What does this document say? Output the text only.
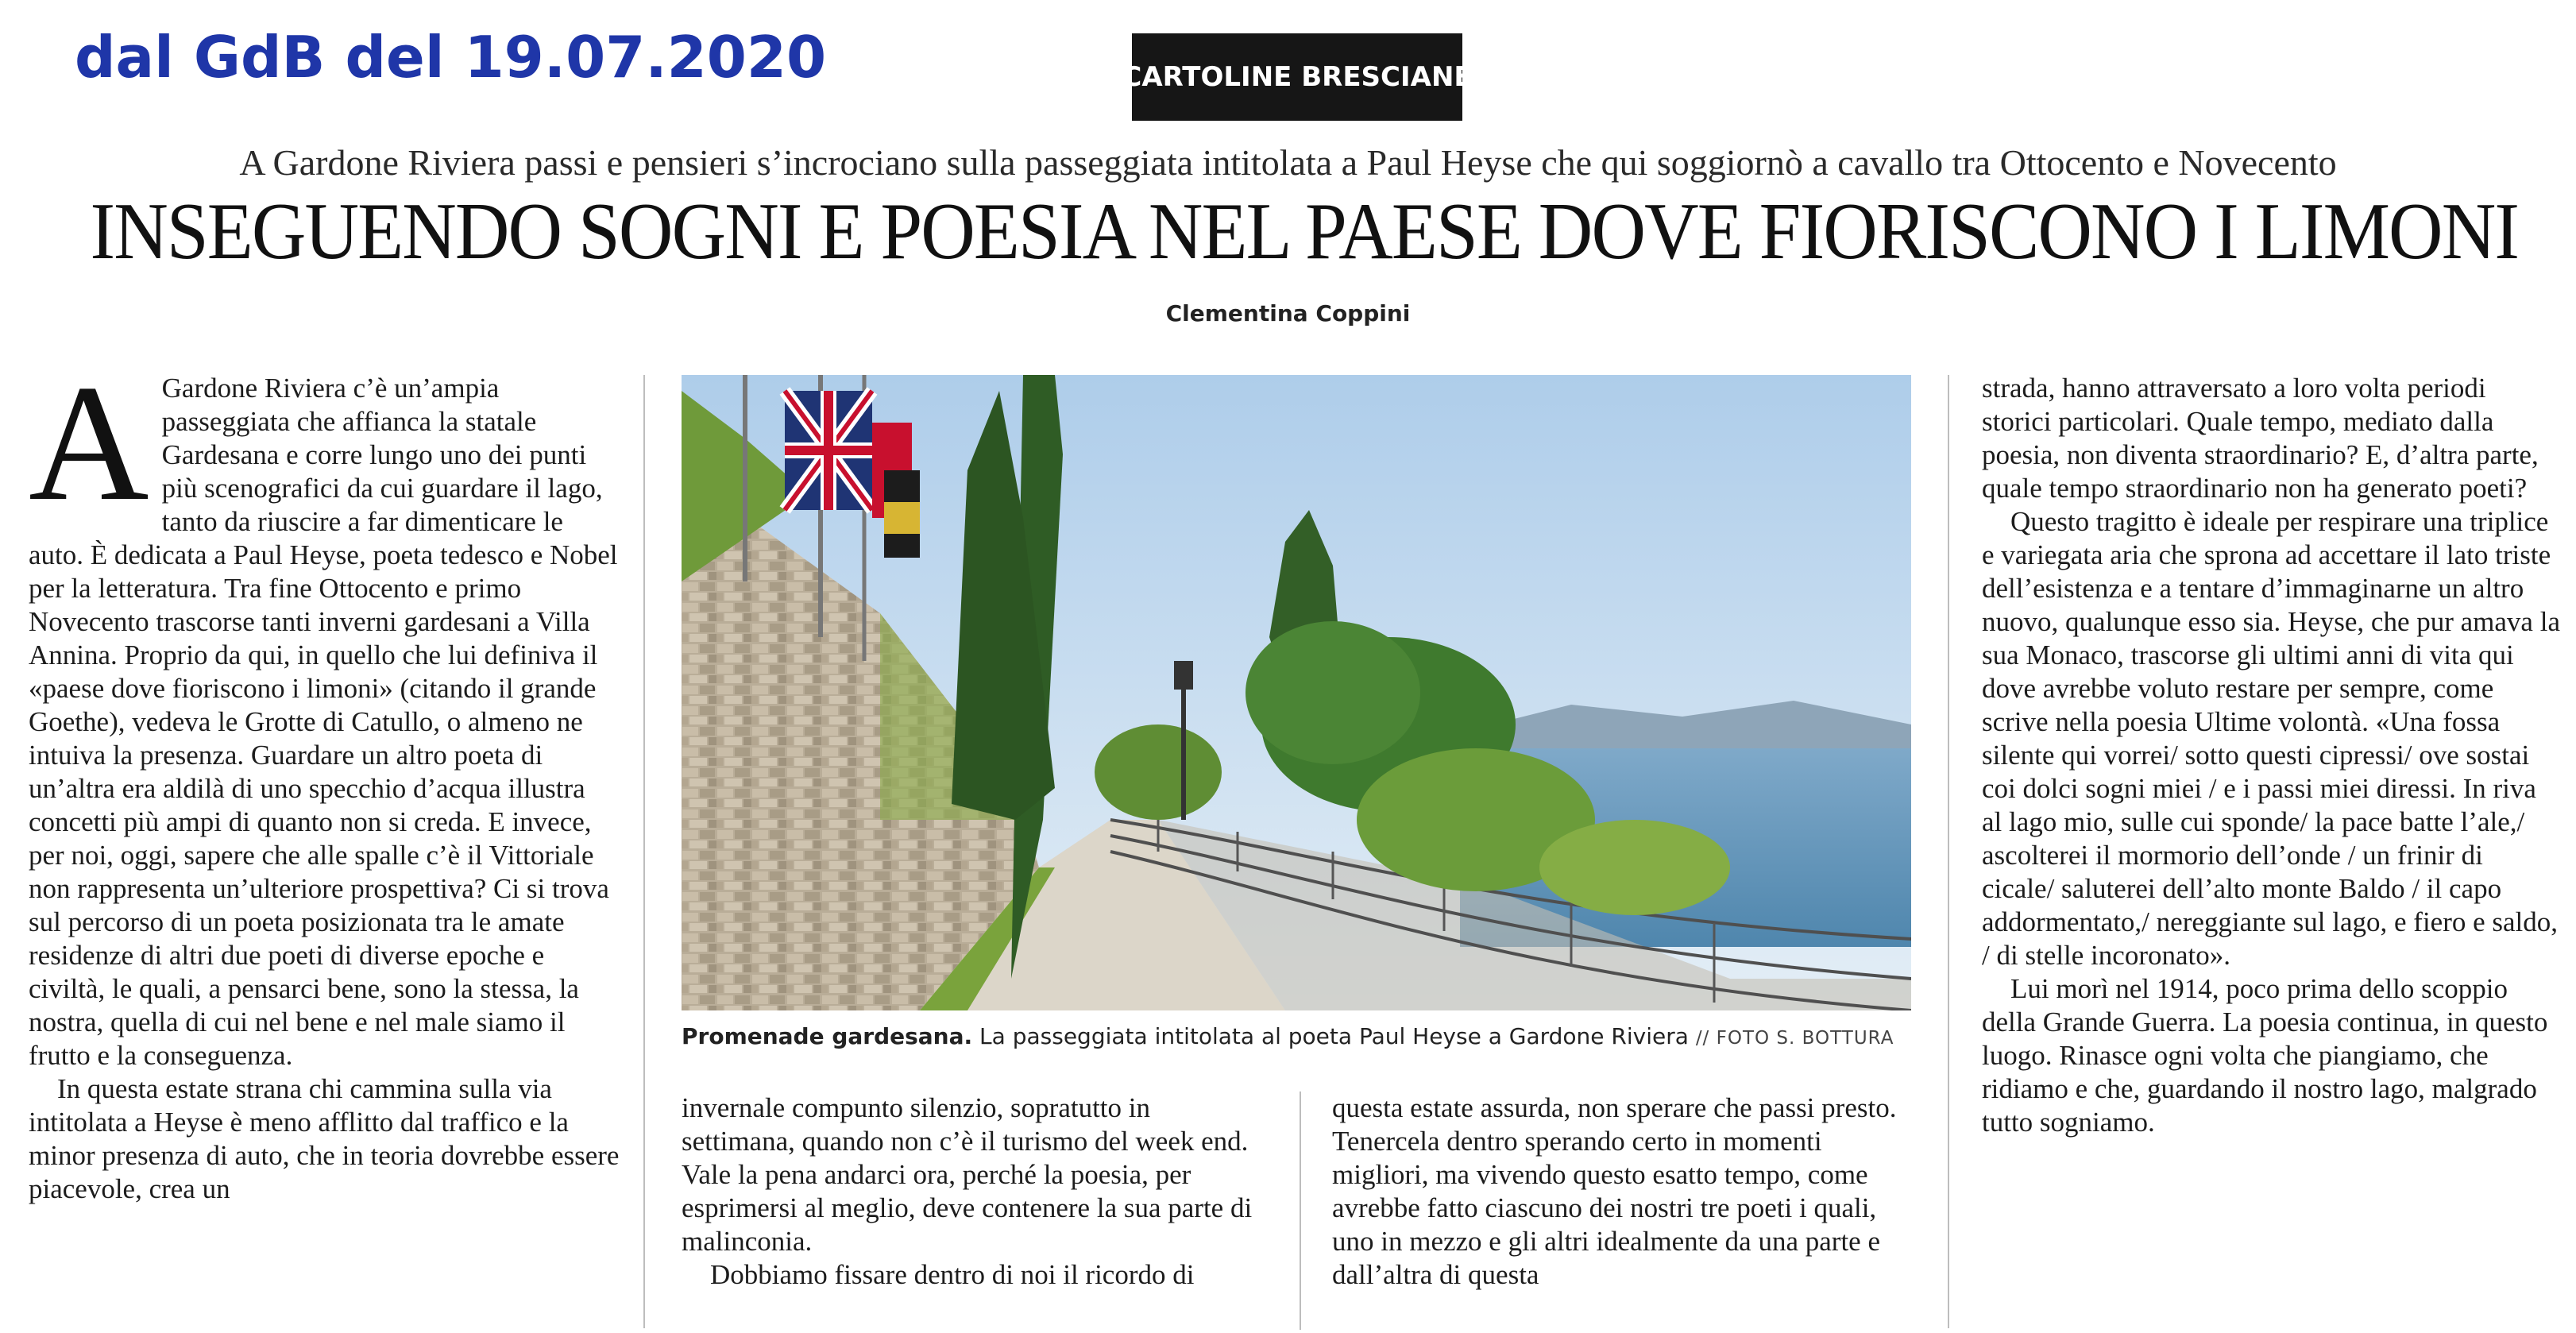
dal GdB del 19.07.2020	CARTOLINE BRESCIANE
A Gardone Riviera passi e pensieri s’incrociano sulla passeggiata intitolata a Paul Heyse che qui soggiornò a cavallo tra Ottocento e Novecento
INSEGUENDO SOGNI E POESIA NEL PAESE DOVE FIORISCONO I LIMONI
Clementina Coppini
A Gardone Riviera c’è un’ampia passeggiata che affianca la statale Gardesana e corre lungo uno dei punti più scenografici da cui guardare il lago, tanto da riuscire a far dimenticare le auto. È dedicata a Paul Heyse, poeta tedesco e Nobel per la letteratura. Tra fine Ottocento e primo Novecento trascorse tanti inverni gardesani a Villa Annina. Proprio da qui, in quello che lui definiva il «paese dove fioriscono i limoni» (citando il grande Goethe), vedeva le Grotte di Catullo, o almeno ne intuiva la presenza. Guardare un altro poeta di un’altra era aldilà di uno specchio d’acqua illustra concetti più ampi di quanto non si creda. E invece, per noi, oggi, sapere che alle spalle c’è il Vittoriale non rappresenta un’ulteriore prospettiva? Ci si trova sul percorso di un poeta posizionata tra le amate residenze di altri due poeti di diverse epoche e civiltà, le quali, a pensarci bene, sono la stessa, la nostra, quella di cui nel bene e nel male siamo il frutto e la conseguenza.

In questa estate strana chi cammina sulla via intitolata a Heyse è meno afflitto dal traffico e la minor presenza di auto, che in teoria dovrebbe essere piacevole, crea un

Promenade gardesana. La passeggiata intitolata al poeta Paul Heyse a Gardone Riviera // FOTO S. BOTTURA

invernale compunto silenzio, sopratutto in settimana, quando non c’è il turismo del week end. Vale la pena andarci ora, perché la poesia, per esprimersi al meglio, deve contenere la sua parte di malinconia.

Dobbiamo fissare dentro di noi il ricordo di

questa estate assurda, non sperare che passi presto. Tenercela dentro sperando certo in momenti migliori, ma vivendo questo esatto tempo, come avrebbe fatto ciascuno dei nostri tre poeti i quali, uno in mezzo e gli altri idealmente da una parte e dall’altra di questa

strada, hanno attraversato a loro volta periodi storici particolari. Quale tempo, mediato dalla poesia, non diventa straordinario? E, d’altra parte, quale tempo straordinario non ha generato poeti?

Questo tragitto è ideale per respirare una triplice e variegata aria che sprona ad accettare il lato triste dell’esistenza e a tentare d’immaginarne un altro nuovo, qualunque esso sia. Heyse, che pur amava la sua Monaco, trascorse gli ultimi anni di vita qui dove avrebbe voluto restare per sempre, come scrive nella poesia Ultime volontà. «Una fossa silente qui vorrei/ sotto questi cipressi/ ove sostai coi dolci sogni miei / e i passi miei diressi. In riva al lago mio, sulle cui sponde/ la pace batte l’ale,/ ascolterei il mormorio dell’onde / un frinir di cicale/ saluterei dell’alto monte Baldo / il capo addormentato,/ nereggiante sul lago, e fiero e saldo, / di stelle incoronato».

Lui morì nel 1914, poco prima dello scoppio della Grande Guerra. La poesia continua, in questo luogo. Rinasce ogni volta che piangiamo, che ridiamo e che, guardando il nostro lago, malgrado tutto sogniamo.
